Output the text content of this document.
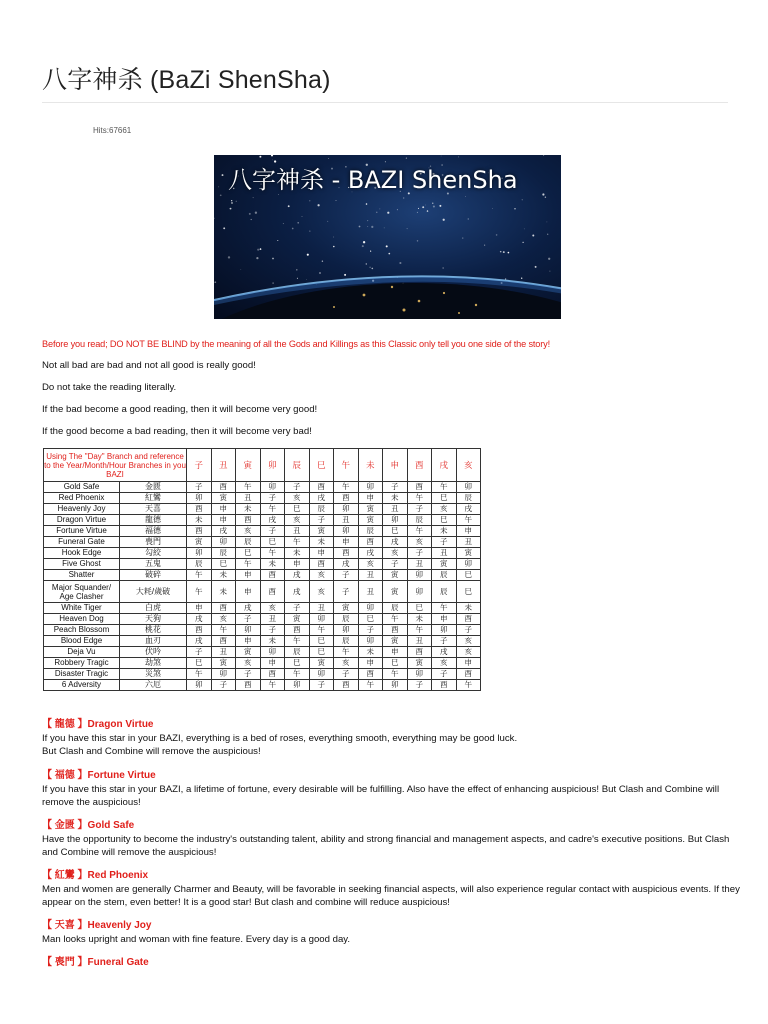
八字神杀 (BaZi ShenSha)
Hits:67661
八字神杀 - BAZI ShenSha
Before you read; DO NOT BE BLIND by the meaning of all the Gods and Killings as this Classic only tell you one side of the story!
Not all bad are bad and not all good is really good!
Do not take the reading literally.
If the bad become a good reading, then it will become very good!
If the good become a bad reading, then it will become very bad!
Using The "Day" Branch and reference to the Year/Month/Hour Branches in you BAZI		子	丑	寅	卯	辰	巳	午	未	申	酉	戌	亥
Gold Safe	金匮	子	酉	午	卯	子	酉	午	卯	子	酉	午	卯
Red Phoenix	紅鸞	卯	寅	丑	子	亥	戌	酉	申	未	午	巳	辰
Heavenly Joy	天喜	酉	申	未	午	巳	辰	卯	寅	丑	子	亥	戌
Dragon Virtue	龍德	未	申	酉	戌	亥	子	丑	寅	卯	辰	巳	午
Fortune Virtue	福德	酉	戌	亥	子	丑	寅	卯	辰	巳	午	未	申
Funeral Gate	喪門	寅	卯	辰	巳	午	未	申	酉	戌	亥	子	丑
Hook Edge	勾絞	卯	辰	巳	午	未	申	酉	戌	亥	子	丑	寅
Five Ghost	五鬼	辰	巳	午	未	申	酉	戌	亥	子	丑	寅	卯
Shatter	破碎	午	未	申	酉	戌	亥	子	丑	寅	卯	辰	巳
Major Squander/ Age Clasher	大耗/歲破	午	未	申	酉	戌	亥	子	丑	寅	卯	辰	巳
White Tiger	白虎	申	酉	戌	亥	子	丑	寅	卯	辰	巳	午	未
Heaven Dog	天狗	戌	亥	子	丑	寅	卯	辰	巳	午	未	申	酉
Peach Blossom	桃花	酉	午	卯	子	酉	午	卯	子	酉	午	卯	子
Blood Edge	血刃	戌	酉	申	未	午	巳	辰	卯	寅	丑	子	亥
Deja Vu	伏吟	子	丑	寅	卯	辰	巳	午	未	申	酉	戌	亥
Robbery Tragic	劫煞	巳	寅	亥	申	巳	寅	亥	申	巳	寅	亥	申
Disaster Tragic	災煞	午	卯	子	酉	午	卯	子	酉	午	卯	子	酉
6 Adversity	六厄	卯	子	酉	午	卯	子	酉	午	卯	子	酉	午
【 龍德 】Dragon Virtue
If you have this star in your BAZI, everything is a bed of roses, everything smooth, everything may be good luck.
But Clash and Combine will remove the auspicious!
【 福德 】Fortune Virtue
If you have this star in your BAZI, a lifetime of fortune, every desirable will be fulfilling. Also have the effect of enhancing auspicious! But Clash and Combine will remove the auspicious!
【 金匮 】Gold Safe
Have the opportunity to become the industry's outstanding talent, ability and strong financial and management aspects, and cadre's executive positions. But Clash and Combine will remove the auspicious!
【 紅鸞 】Red Phoenix
Men and women are generally Charmer and Beauty, will be favorable in seeking financial aspects, will also experience regular contact with auspicious events. If they appear on the stem, even better! It is a good star! But clash and combine will reduce auspicious!
【 天喜 】Heavenly Joy
Man looks upright and woman with fine feature. Every day is a good day.
【 喪門 】Funeral Gate
